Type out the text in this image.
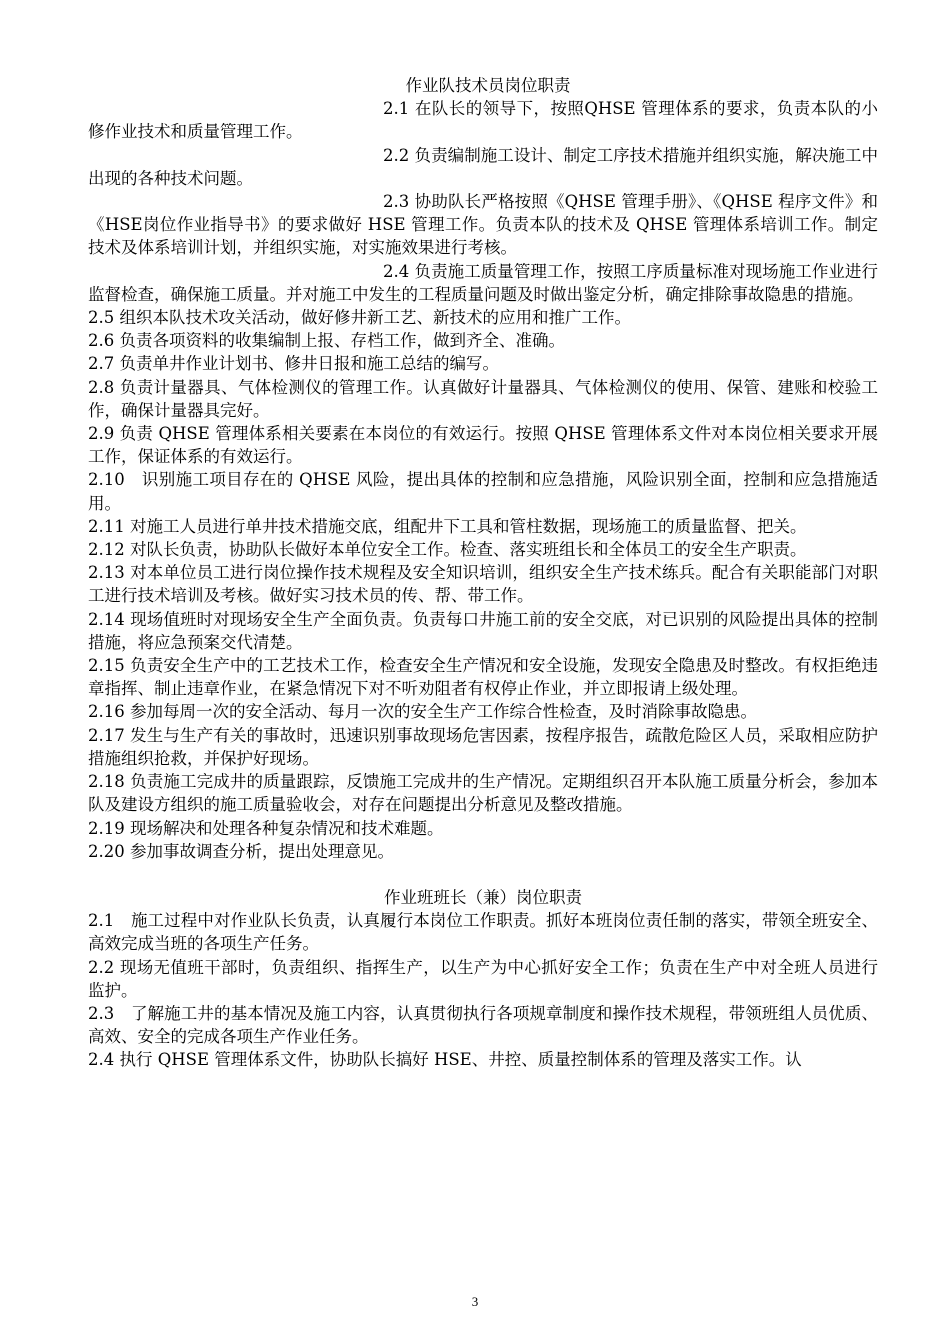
作业队技术员岗位职责

2.1 在队长的领导下，按照QHSE 管理体系的要求，负责本队的小修作业技术和质量管理工作。

2.2 负责编制施工设计、制定工序技术措施并组织实施，解决施工中出现的各种技术问题。

2.3 协助队长严格按照《QHSE 管理手册》、《QHSE 程序文件》和《HSE岗位作业指导书》的要求做好 HSE 管理工作。负责本队的技术及 QHSE 管理体系培训工作。制定技术及体系培训计划，并组织实施，对实施效果进行考核。

2.4 负责施工质量管理工作，按照工序质量标准对现场施工作业进行监督检查，确保施工质量。并对施工中发生的工程质量问题及时做出鉴定分析，确定排除事故隐患的措施。

2.5 组织本队技术攻关活动，做好修井新工艺、新技术的应用和推广工作。

2.6 负责各项资料的收集编制上报、存档工作，做到齐全、准确。

2.7 负责单井作业计划书、修井日报和施工总结的编写。

2.8 负责计量器具、气体检测仪的管理工作。认真做好计量器具、气体检测仪的使用、保管、建账和校验工作，确保计量器具完好。

2.9 负责 QHSE 管理体系相关要素在本岗位的有效运行。按照 QHSE 管理体系文件对本岗位相关要求开展工作，保证体系的有效运行。

2.10　识别施工项目存在的 QHSE 风险，提出具体的控制和应急措施，风险识别全面，控制和应急措施适用。

2.11 对施工人员进行单井技术措施交底，组配井下工具和管柱数据，现场施工的质量监督、把关。

2.12 对队长负责，协助队长做好本单位安全工作。检查、落实班组长和全体员工的安全生产职责。

2.13 对本单位员工进行岗位操作技术规程及安全知识培训，组织安全生产技术练兵。配合有关职能部门对职工进行技术培训及考核。做好实习技术员的传、帮、带工作。

2.14 现场值班时对现场安全生产全面负责。负责每口井施工前的安全交底，对已识别的风险提出具体的控制措施，将应急预案交代清楚。

2.15 负责安全生产中的工艺技术工作，检查安全生产情况和安全设施，发现安全隐患及时整改。有权拒绝违章指挥、制止违章作业，在紧急情况下对不听劝阻者有权停止作业，并立即报请上级处理。

2.16 参加每周一次的安全活动、每月一次的安全生产工作综合性检查，及时消除事故隐患。

2.17 发生与生产有关的事故时，迅速识别事故现场危害因素，按程序报告，疏散危险区人员，采取相应防护措施组织抢救，并保护好现场。

2.18 负责施工完成井的质量跟踪，反馈施工完成井的生产情况。定期组织召开本队施工质量分析会，参加本队及建设方组织的施工质量验收会，对存在问题提出分析意见及整改措施。

2.19 现场解决和处理各种复杂情况和技术难题。

2.20 参加事故调查分析，提出处理意见。

作业班班长（兼）岗位职责

2.1　施工过程中对作业队长负责，认真履行本岗位工作职责。抓好本班岗位责任制的落实，带领全班安全、高效完成当班的各项生产任务。

2.2 现场无值班干部时，负责组织、指挥生产，以生产为中心抓好安全工作；负责在生产中对全班人员进行监护。

2.3　了解施工井的基本情况及施工内容，认真贯彻执行各项规章制度和操作技术规程，带领班组人员优质、高效、安全的完成各项生产作业任务。

2.4 执行 QHSE 管理体系文件，协助队长搞好 HSE、井控、质量控制体系的管理及落实工作。认

3
